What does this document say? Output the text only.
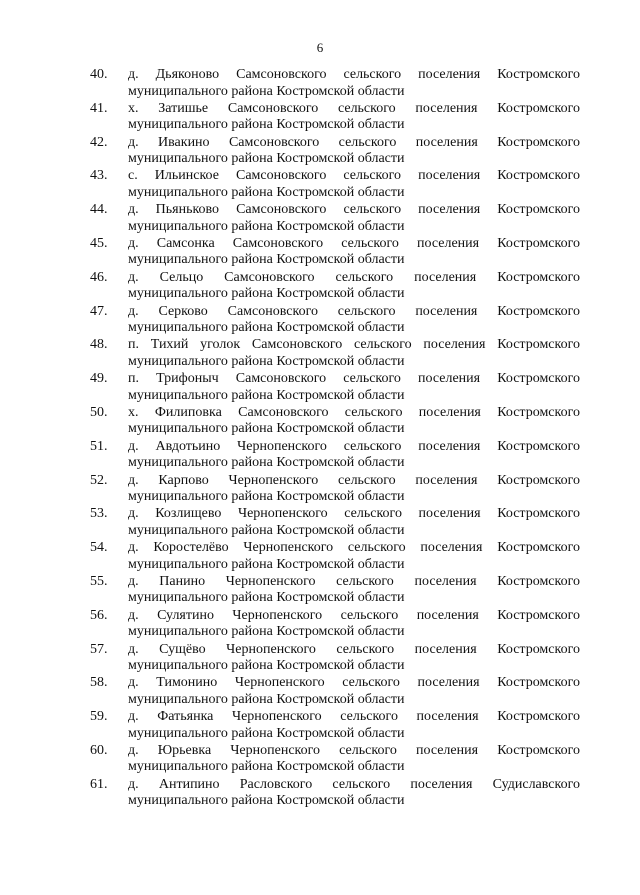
6
40.	д. Дьяконово Самсоновского сельского поселения Костромского
муниципального района Костромской области
41.	х. Затишье Самсоновского сельского поселения Костромского
муниципального района Костромской области
42.	д. Ивакино Самсоновского сельского поселения Костромского
муниципального района Костромской области
43.	с. Ильинское Самсоновского сельского поселения Костромского
муниципального района Костромской области
44.	д. Пьяньково Самсоновского сельского поселения Костромского
муниципального района Костромской области
45.	д. Самсонка Самсоновского сельского поселения Костромского
муниципального района Костромской области
46.	д. Сельцо Самсоновского сельского поселения Костромского
муниципального района Костромской области
47.	д. Серково Самсоновского сельского поселения Костромского
муниципального района Костромской области
48.	п. Тихий уголок Самсоновского сельского поселения Костромского
муниципального района Костромской области
49.	п. Трифоныч Самсоновского сельского поселения Костромского
муниципального района Костромской области
50.	х. Филиповка Самсоновского сельского поселения Костромского
муниципального района Костромской области
51.	д. Авдотьино Чернопенского сельского поселения Костромского
муниципального района Костромской области
52.	д. Карпово Чернопенского сельского поселения Костромского
муниципального района Костромской области
53.	д. Козлищево Чернопенского сельского поселения Костромского
муниципального района Костромской области
54.	д. Коростелёво Чернопенского сельского поселения Костромского
муниципального района Костромской области
55.	д. Панино Чернопенского сельского поселения Костромского
муниципального района Костромской области
56.	д. Сулятино Чернопенского сельского поселения Костромского
муниципального района Костромской области
57.	д. Сущёво Чернопенского сельского поселения Костромского
муниципального района Костромской области
58.	д. Тимонино Чернопенского сельского поселения Костромского
муниципального района Костромской области
59.	д. Фатьянка Чернопенского сельского поселения Костромского
муниципального района Костромской области
60.	д. Юрьевка Чернопенского сельского поселения Костромского
муниципального района Костромской области
61.	д. Антипино Расловского сельского поселения Судиславского
муниципального района Костромской области
